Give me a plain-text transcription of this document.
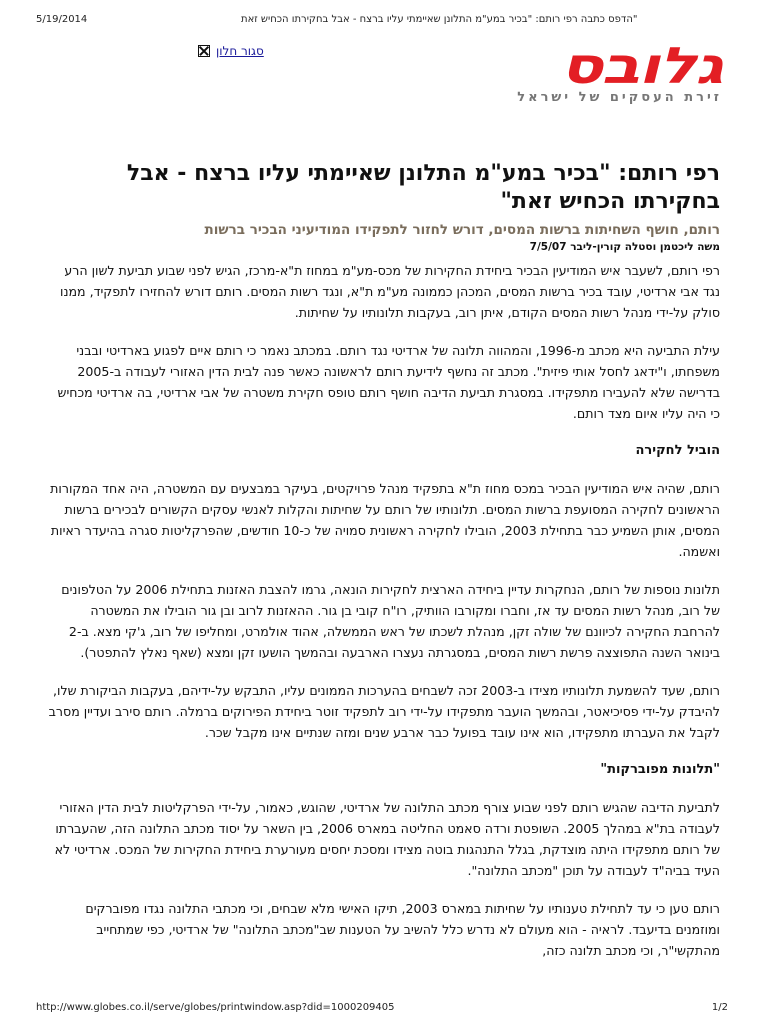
5/19/2014	"הדפס כתבה רפי רותם: "בכיר במע"מ התלונן שאיימתי עליו ברצח - אבל בחקירתו הכחיש זאת
סגור חלון	גלובס
זירת העסקים של ישראל
רפי רותם: "בכיר במע"מ התלונן שאיימתי עליו ברצח - אבל בחקירתו הכחיש זאת"

רותם, חושף השחיתות ברשות המסים, דורש לחזור לתפקידו המודיעיני הבכיר ברשות

משה ליכטמן וסטלה קורין-ליבר 7/5/07

רפי רותם, לשעבר איש המודיעין הבכיר ביחידת החקירות של מכס-מע"מ במחוז ת"א-מרכז, הגיש לפני שבוע תביעת לשון הרע נגד אבי ארדיטי, עובד בכיר ברשות המסים, המכהן כממונה מע"מ ת"א, ונגד רשות המסים. רותם דורש להחזירו לתפקיד, ממנו סולק על-ידי מנהל רשות המסים הקודם, איתן רוב, בעקבות תלונותיו על שחיתות.

עילת התביעה היא מכתב מ-1996, והמהווה תלונה של ארדיטי נגד רותם. במכתב נאמר כי רותם איים לפגוע בארדיטי ובבני משפחתו, ו"ידאג לחסל אותי פיזית". מכתב זה נחשף לידיעת רותם לראשונה כאשר פנה לבית הדין האזורי לעבודה ב-2005 בדרישה שלא להעבירו מתפקידו. במסגרת תביעת הדיבה חושף רותם טופס חקירת משטרה של אבי ארדיטי, בה ארדיטי מכחיש כי היה עליו איום מצד רותם.

הוביל לחקירה

רותם, שהיה איש המודיעין הבכיר במכס מחוז ת"א בתפקיד מנהל פרויקטים, בעיקר במבצעים עם המשטרה, היה אחד המקורות הראשונים לחקירה המסועפת ברשות המסים. תלונותיו של רותם על שחיתות והקלות לאנשי עסקים הקשורים לבכירים ברשות המסים, אותן השמיע כבר בתחילת 2003, הובילו לחקירה ראשונית סמויה של כ-10 חודשים, שהפרקליטות סגרה בהיעדר ראיות ואשמה.

תלונות נוספות של רותם, הנחקרות עדיין ביחידה הארצית לחקירות הונאה, גרמו להצבת האזנות בתחילת 2006 על הטלפונים של רוב, מנהל רשות המסים עד אז, וחברו ומקורבו הוותיק, רו"ח קובי בן גור. ההאזנות לרוב ובן גור הובילו את המשטרה להרחבת החקירה לכיוונם של שולה זקן, מנהלת לשכתו של ראש הממשלה, אהוד אולמרט, ומחליפו של רוב, ג'קי מצא. ב-2 בינואר השנה התפוצצה פרשת רשות המסים, במסגרתה נעצרו הארבעה ובהמשך הושעו זקן ומצא (שאף נאלץ להתפטר).

רותם, שעד להשמעת תלונותיו מצידו ב-2003 זכה לשבחים בהערכות הממונים עליו, התבקש על-ידיהם, בעקבות הביקורת שלו, להיבדק על-ידי פסיכיאטר, ובהמשך הועבר מתפקידו על-ידי רוב לתפקיד זוטר ביחידת הפירוקים ברמלה. רותם סירב ועדיין מסרב לקבל את העברתו מתפקידו, הוא אינו עובד בפועל כבר ארבע שנים ומזה שנתיים אינו מקבל שכר.

"תלונות מפוברקות"

לתביעת הדיבה שהגיש רותם לפני שבוע צורף מכתב התלונה של ארדיטי, שהוגש, כאמור, על-ידי הפרקליטות לבית הדין האזורי לעבודה בת"א במהלך 2005. השופטת ורדה סאמט החליטה במארס 2006, בין השאר על יסוד מכתב התלונה הזה, שהעברתו של רותם מתפקידו היתה מוצדקת, בגלל התנהגות בוטה מצידו ומסכת יחסים מעורערת ביחידת החקירות של המכס. ארדיטי לא העיד בביה"ד לעבודה על תוכן "מכתב התלונה".

רותם טען כי עד לתחילת טענותיו על שחיתות במארס 2003, תיקו האישי מלא שבחים, וכי מכתבי התלונה נגדו מפוברקים ומוזמנים בדיעבד. לראיה - הוא מעולם לא נדרש כלל להשיב על הטענות שב"מכתב התלונה" של ארדיטי, כפי שמתחייב מהתקשי"ר, וכי מכתב תלונה כזה,

http://www.globes.co.il/serve/globes/printwindow.asp?did=1000209405	1/2
